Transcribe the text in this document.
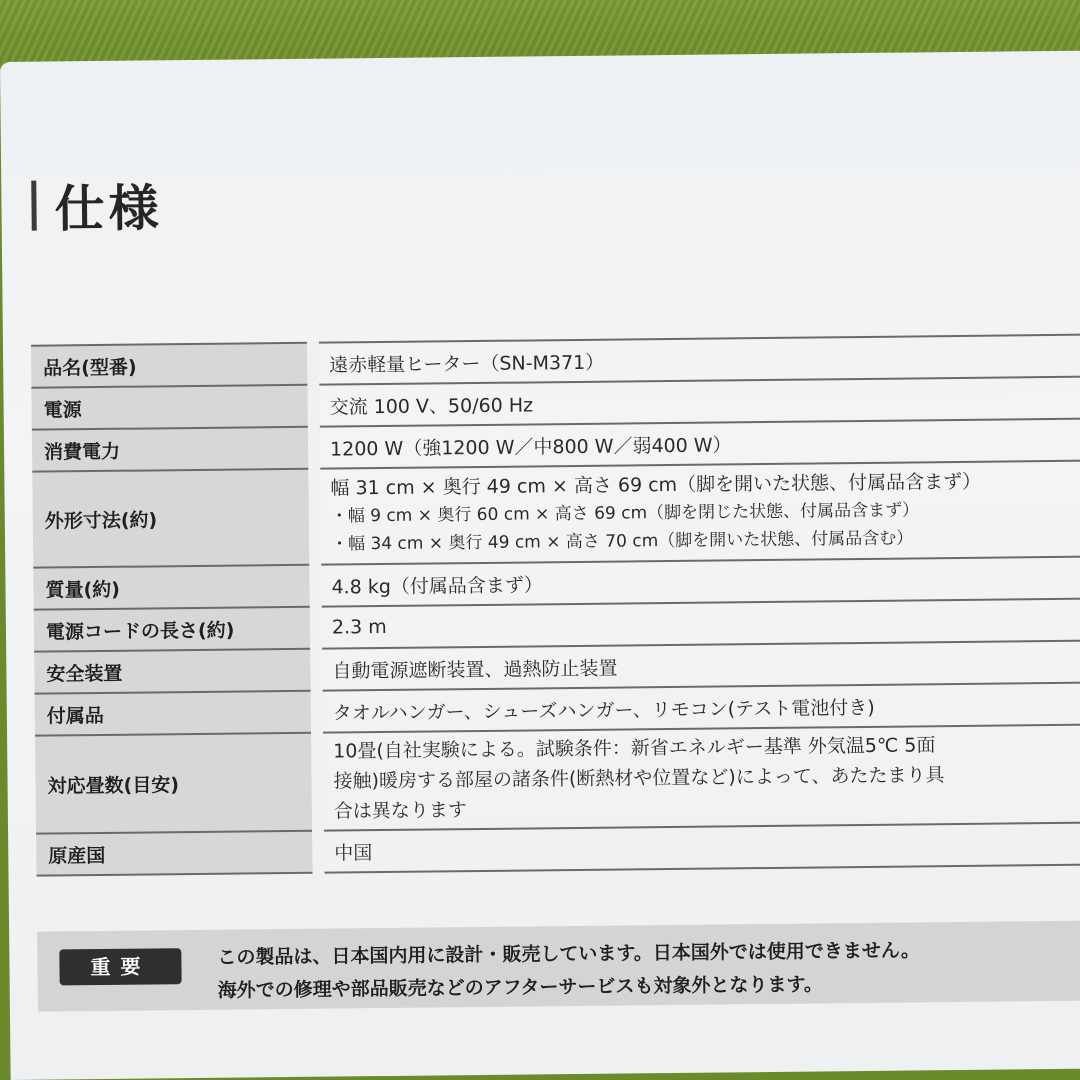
仕様
品名(型番)	遠赤軽量ヒーター（SN-M371）
電源	交流 100 V、50/60 Hz
消費電力	1200 W（強1200 W／中800 W／弱400 W）
外形寸法(約)	幅 31 cm × 奥行 49 cm × 高さ 69 cm（脚を開いた状態、付属品含まず）
・幅 9 cm × 奥行 60 cm × 高さ 69 cm（脚を閉じた状態、付属品含まず）
・幅 34 cm × 奥行 49 cm × 高さ 70 cm（脚を開いた状態、付属品含む）

質量(約)	4.8 kg（付属品含まず）
電源コードの長さ(約)	2.3 m
安全装置	自動電源遮断装置、過熱防止装置
付属品	タオルハンガー、シューズハンガー、リモコン(テスト電池付き)
対応畳数(目安)	10畳(自社実験による。試験条件：新省エネルギー基準 外気温5℃ 5面
接触)暖房する部屋の諸条件(断熱材や位置など)によって、あたたまり具
合は異なります

原産国	中国
重要	この製品は、日本国内用に設計・販売しています。日本国外では使用できません。
海外での修理や部品販売などのアフターサービスも対象外となります。
